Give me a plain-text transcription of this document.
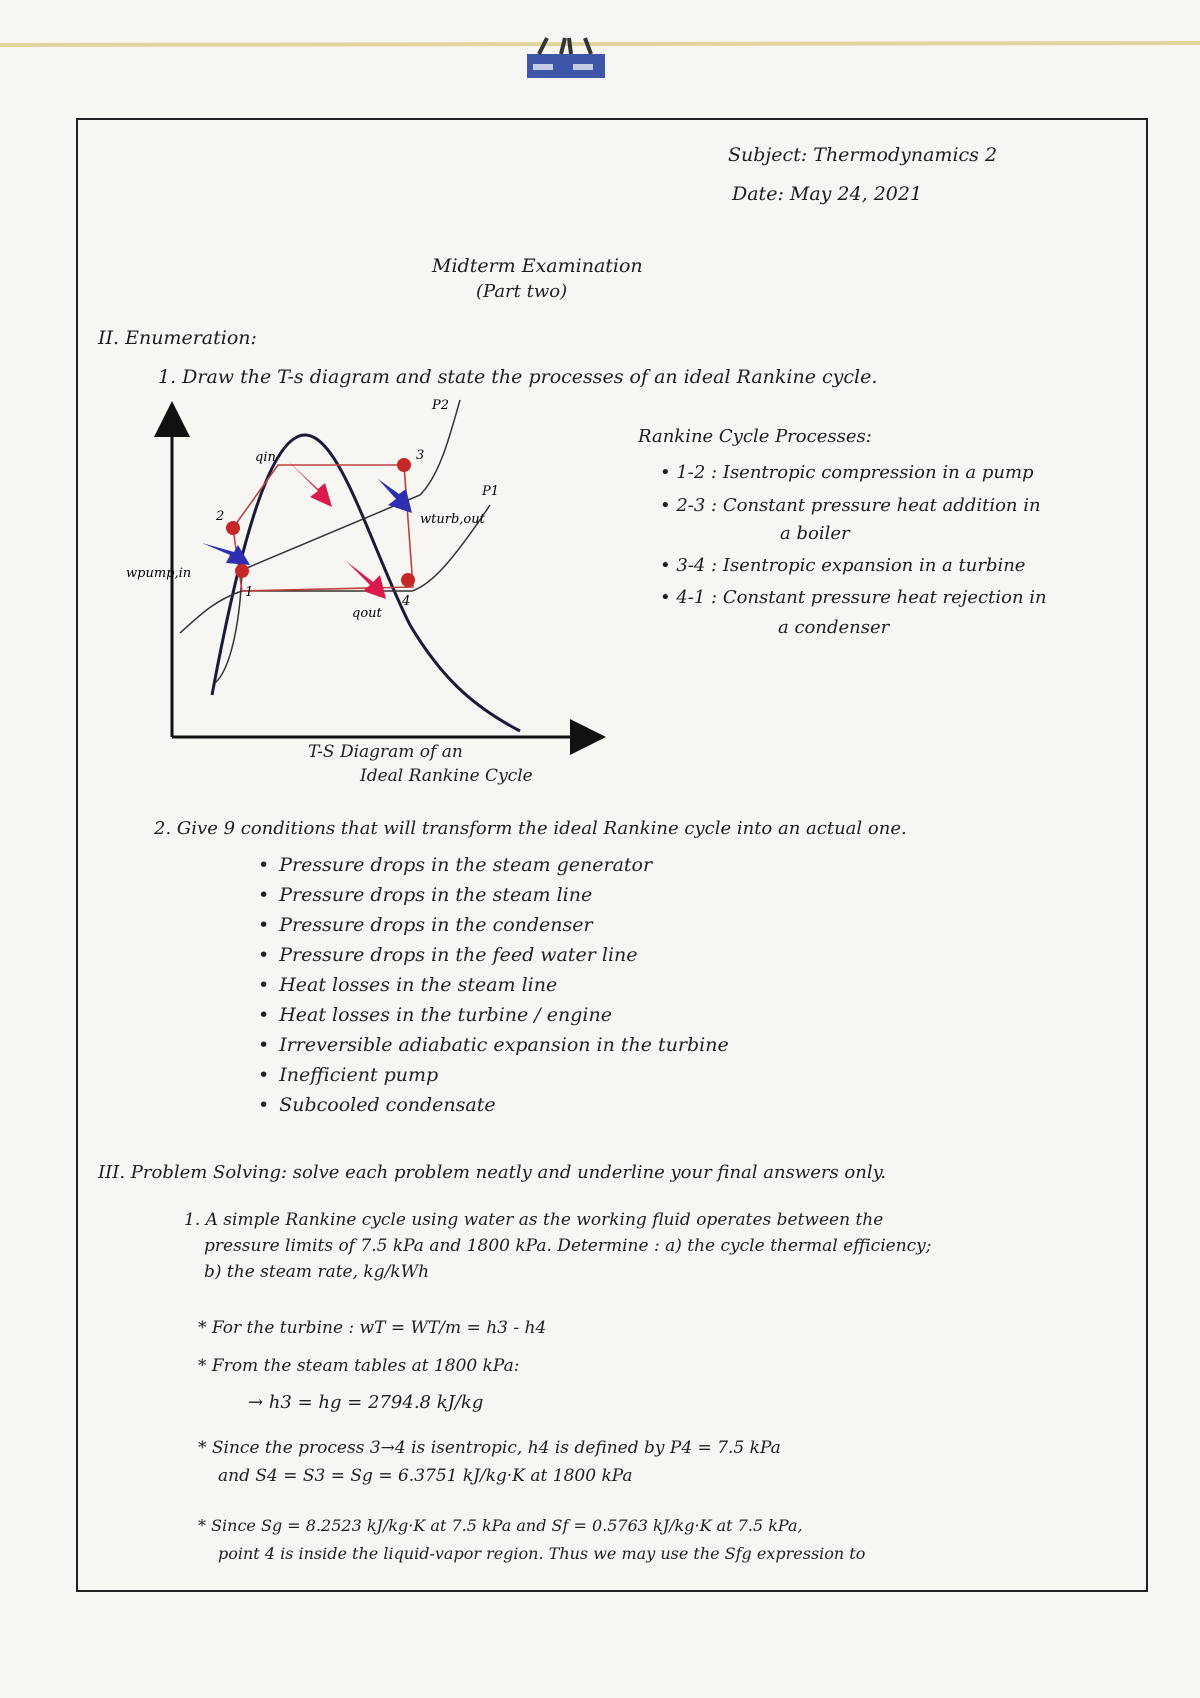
Subject: Thermodynamics 2
Date: May 24, 2021
Midterm Examination
(Part two)
II. Enumeration:
1. Draw the T-s diagram and state the processes of an ideal Rankine cycle.
P2
P1
qin
qout
wturb,out
wpump,in
1
2
3
4
T-S Diagram of an
Ideal Rankine Cycle
Rankine Cycle Processes:
• 1-2 : Isentropic compression in a pump
• 2-3 : Constant pressure heat addition in
a boiler
• 3-4 : Isentropic expansion in a turbine
• 4-1 : Constant pressure heat rejection in
a condenser
2. Give 9 conditions that will transform the ideal Rankine cycle into an actual one.
• Pressure drops in the steam generator
• Pressure drops in the steam line
• Pressure drops in the condenser
• Pressure drops in the feed water line
• Heat losses in the steam line
• Heat losses in the turbine / engine
• Irreversible adiabatic expansion in the turbine
• Inefficient pump
• Subcooled condensate
III. Problem Solving: solve each problem neatly and underline your final answers only.
1. A simple Rankine cycle using water as the working fluid operates between the
pressure limits of 7.5 kPa and 1800 kPa. Determine : a) the cycle thermal efficiency;
b) the steam rate, kg/kWh
* For the turbine : wT = WT/m = h3 - h4
* From the steam tables at 1800 kPa:
→ h3 = hg = 2794.8 kJ/kg
* Since the process 3→4 is isentropic, h4 is defined by P4 = 7.5 kPa
and S4 = S3 = Sg = 6.3751 kJ/kg·K at 1800 kPa
* Since Sg = 8.2523 kJ/kg·K at 7.5 kPa and Sf = 0.5763 kJ/kg·K at 7.5 kPa,
point 4 is inside the liquid-vapor region. Thus we may use the Sfg expression to
